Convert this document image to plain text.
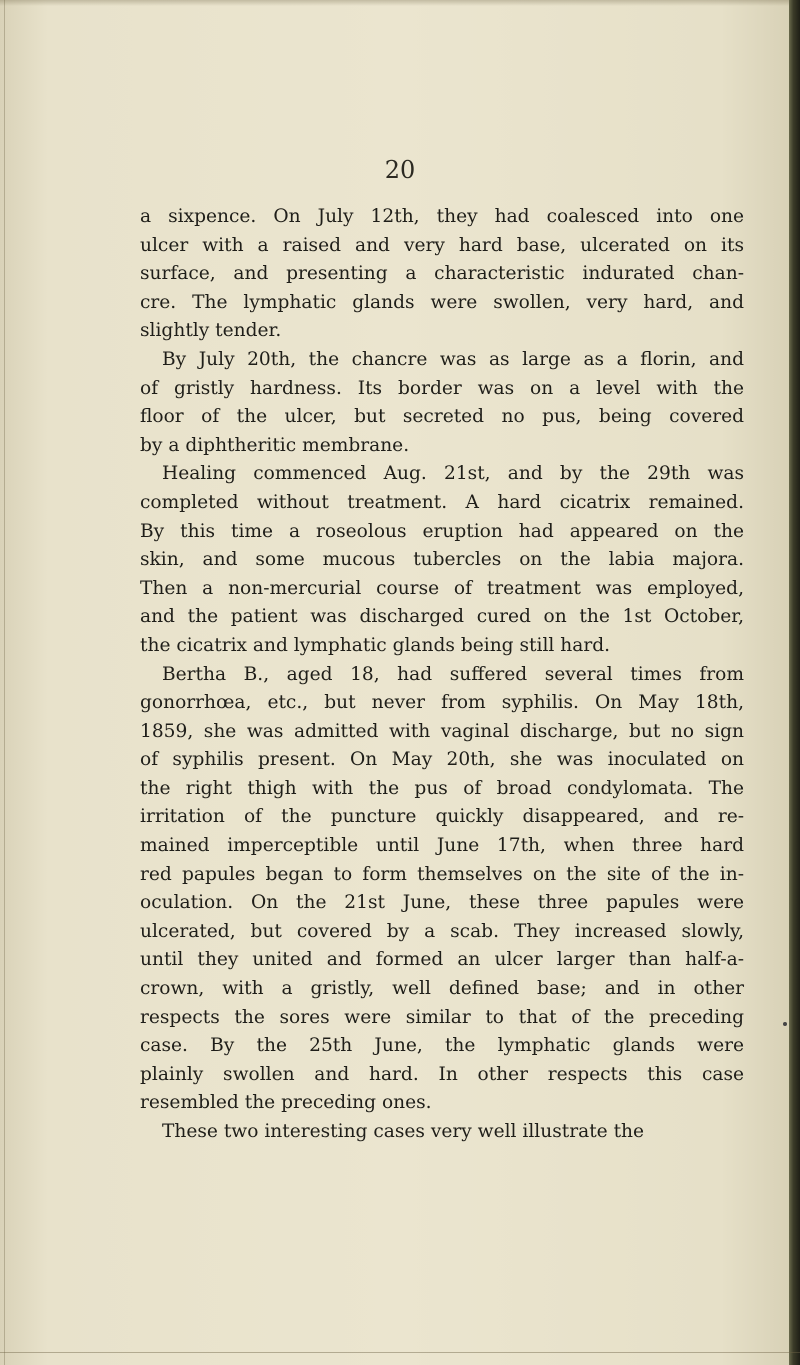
20

a sixpence. On July 12th, they had coalesced into one
ulcer with a raised and very hard base, ulcerated on its
surface, and presenting a characteristic indurated chan-
cre. The lymphatic glands were swollen, very hard, and
slightly tender.
By July 20th, the chancre was as large as a florin, and
of gristly hardness. Its border was on a level with the
floor of the ulcer, but secreted no pus, being covered
by a diphtheritic membrane.
Healing commenced Aug. 21st, and by the 29th was
completed without treatment. A hard cicatrix remained.
By this time a roseolous eruption had appeared on the
skin, and some mucous tubercles on the labia majora.
Then a non-mercurial course of treatment was employed,
and the patient was discharged cured on the 1st October,
the cicatrix and lymphatic glands being still hard.
Bertha B., aged 18, had suffered several times from
gonorrhœa, etc., but never from syphilis. On May 18th,
1859, she was admitted with vaginal discharge, but no sign
of syphilis present. On May 20th, she was inoculated on
the right thigh with the pus of broad condylomata. The
irritation of the puncture quickly disappeared, and re-
mained imperceptible until June 17th, when three hard
red papules began to form themselves on the site of the in-
oculation. On the 21st June, these three papules were
ulcerated, but covered by a scab. They increased slowly,
until they united and formed an ulcer larger than half-a-
crown, with a gristly, well defined base; and in other
respects the sores were similar to that of the preceding
case. By the 25th June, the lymphatic glands were
plainly swollen and hard. In other respects this case
resembled the preceding ones.
These two interesting cases very well illustrate the
